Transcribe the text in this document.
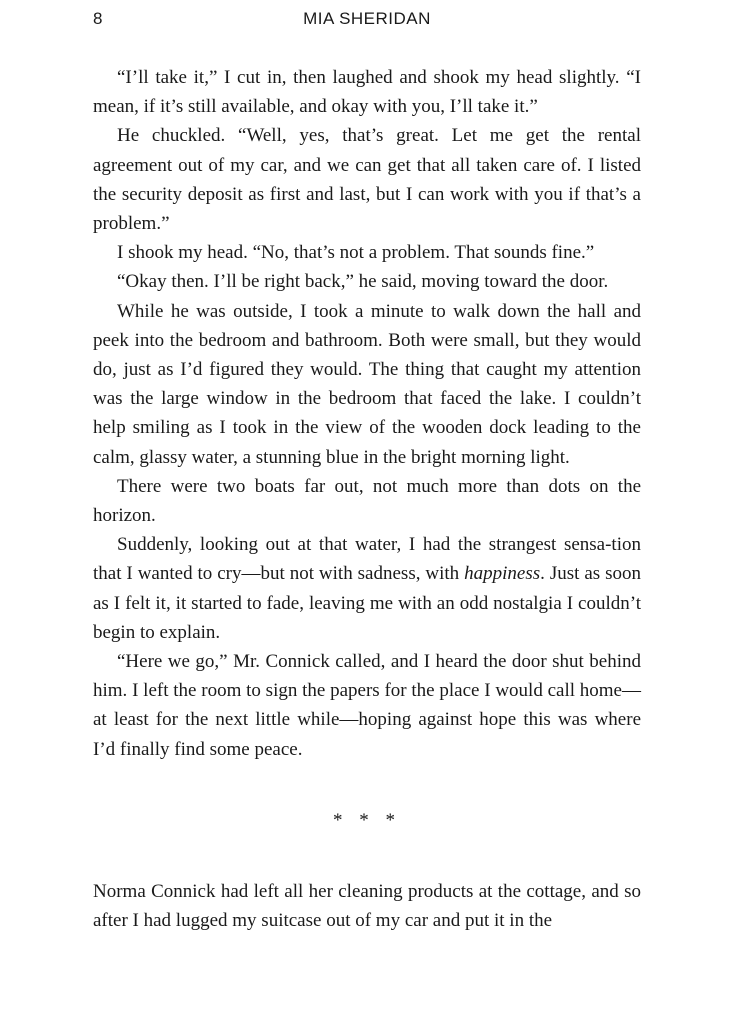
8	MIA SHERIDAN

“I’ll take it,” I cut in, then laughed and shook my head slightly. “I mean, if it’s still available, and okay with you, I’ll take it.”

He chuckled. “Well, yes, that’s great. Let me get the rental agreement out of my car, and we can get that all taken care of. I listed the security deposit as first and last, but I can work with you if that’s a problem.”

I shook my head. “No, that’s not a problem. That sounds fine.”

“Okay then. I’ll be right back,” he said, moving toward the door.

While he was outside, I took a minute to walk down the hall and peek into the bedroom and bathroom. Both were small, but they would do, just as I’d figured they would. The thing that caught my attention was the large window in the bedroom that faced the lake. I couldn’t help smiling as I took in the view of the wooden dock leading to the calm, glassy water, a stunning blue in the bright morning light.

There were two boats far out, not much more than dots on the horizon.

Suddenly, looking out at that water, I had the strangest sensa-tion that I wanted to cry—but not with sadness, with happiness. Just as soon as I felt it, it started to fade, leaving me with an odd nostalgia I couldn’t begin to explain.

“Here we go,” Mr. Connick called, and I heard the door shut behind him. I left the room to sign the papers for the place I would call home—at least for the next little while—hoping against hope this was where I’d finally find some peace.

* * *

Norma Connick had left all her cleaning products at the cottage, and so after I had lugged my suitcase out of my car and put it in the
